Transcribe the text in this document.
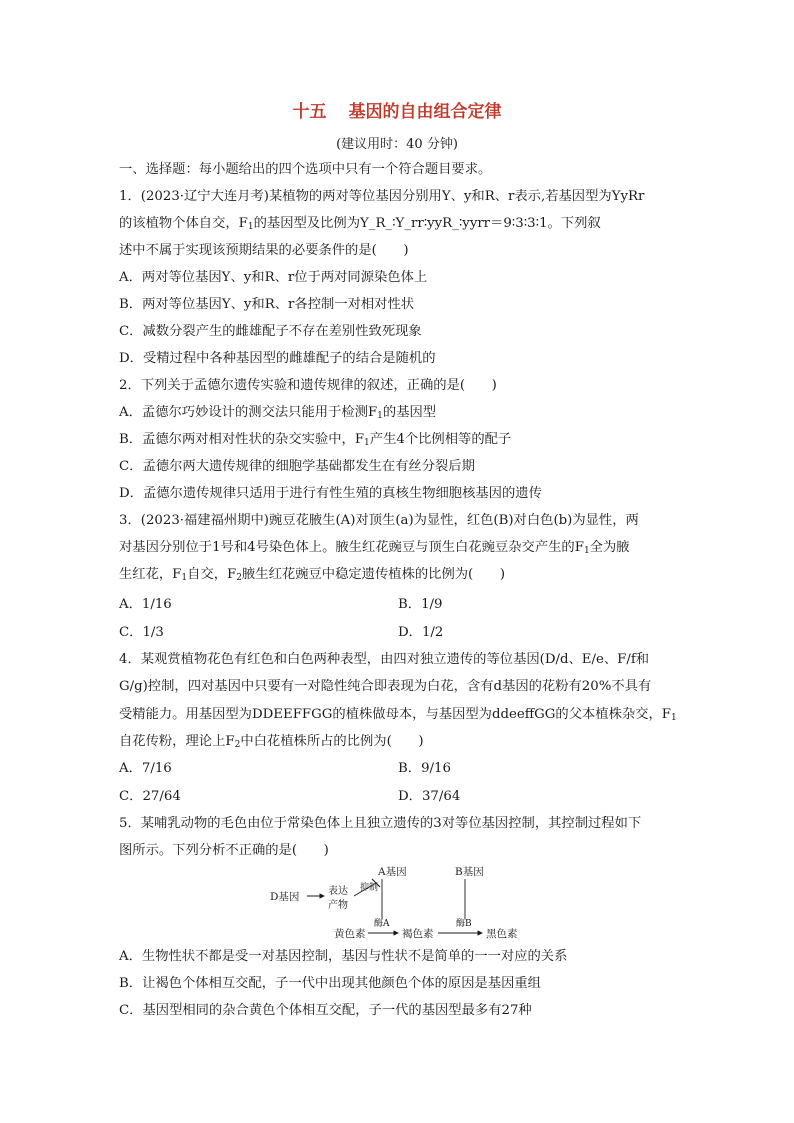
十五 基因的自由组合定律
(建议用时：40 分钟)
一、选择题：每小题给出的四个选项中只有一个符合题目要求。
1．(2023·辽宁大连月考)某植物的两对等位基因分别用Y、y和R、r表示,若基因型为YyRr
的该植物个体自交，$F_1$的基因型及比例为Y_R_∶Y_rr∶yyR_∶yyrr＝9∶3∶3∶1。下列叙
述中不属于实现该预期结果的必要条件的是(　　)
A．两对等位基因Y、y和R、r位于两对同源染色体上
B．两对等位基因Y、y和R、r各控制一对相对性状
C．减数分裂产生的雌雄配子不存在差别性致死现象
D．受精过程中各种基因型的雌雄配子的结合是随机的
2．下列关于孟德尔遗传实验和遗传规律的叙述，正确的是(　　)
A．孟德尔巧妙设计的测交法只能用于检测$F_1$的基因型
B．孟德尔两对相对性状的杂交实验中，$F_1$产生4个比例相等的配子
C．孟德尔两大遗传规律的细胞学基础都发生在有丝分裂后期
D．孟德尔遗传规律只适用于进行有性生殖的真核生物细胞核基因的遗传
3．(2023·福建福州期中)豌豆花腋生(A)对顶生(a)为显性，红色(B)对白色(b)为显性，两
对基因分别位于1号和4号染色体上。腋生红花豌豆与顶生白花豌豆杂交产生的$F_1$全为腋
生红花，$F_1$自交，$F_2$腋生红花豌豆中稳定遗传植株的比例为(　　)
A．1/16	B．1/9
C．1/3	D．1/2
4．某观赏植物花色有红色和白色两种表型，由四对独立遗传的等位基因(D/d、E/e、F/f和
G/g)控制，四对基因中只要有一对隐性纯合即表现为白花，含有d基因的花粉有20%不具有
受精能力。用基因型为DDEEFFGG的植株做母本，与基因型为ddeeffGG的父本植株杂交，$F_1$
自花传粉，理论上$F_2$中白花植株所占的比例为(　　)
A．7/16	B．9/16
C．27/64	D．37/64
5．某哺乳动物的毛色由位于常染色体上且独立遗传的3对等位基因控制，其控制过程如下
图所示。下列分析不正确的是(　　)
D基因	表达
产物
抑制
A基因	B基因
黄色素
酶A
褐色素
酶B
黑色素
A．生物性状不都是受一对基因控制，基因与性状不是简单的一一对应的关系
B．让褐色个体相互交配，子一代中出现其他颜色个体的原因是基因重组
C．基因型相同的杂合黄色个体相互交配，子一代的基因型最多有27种
